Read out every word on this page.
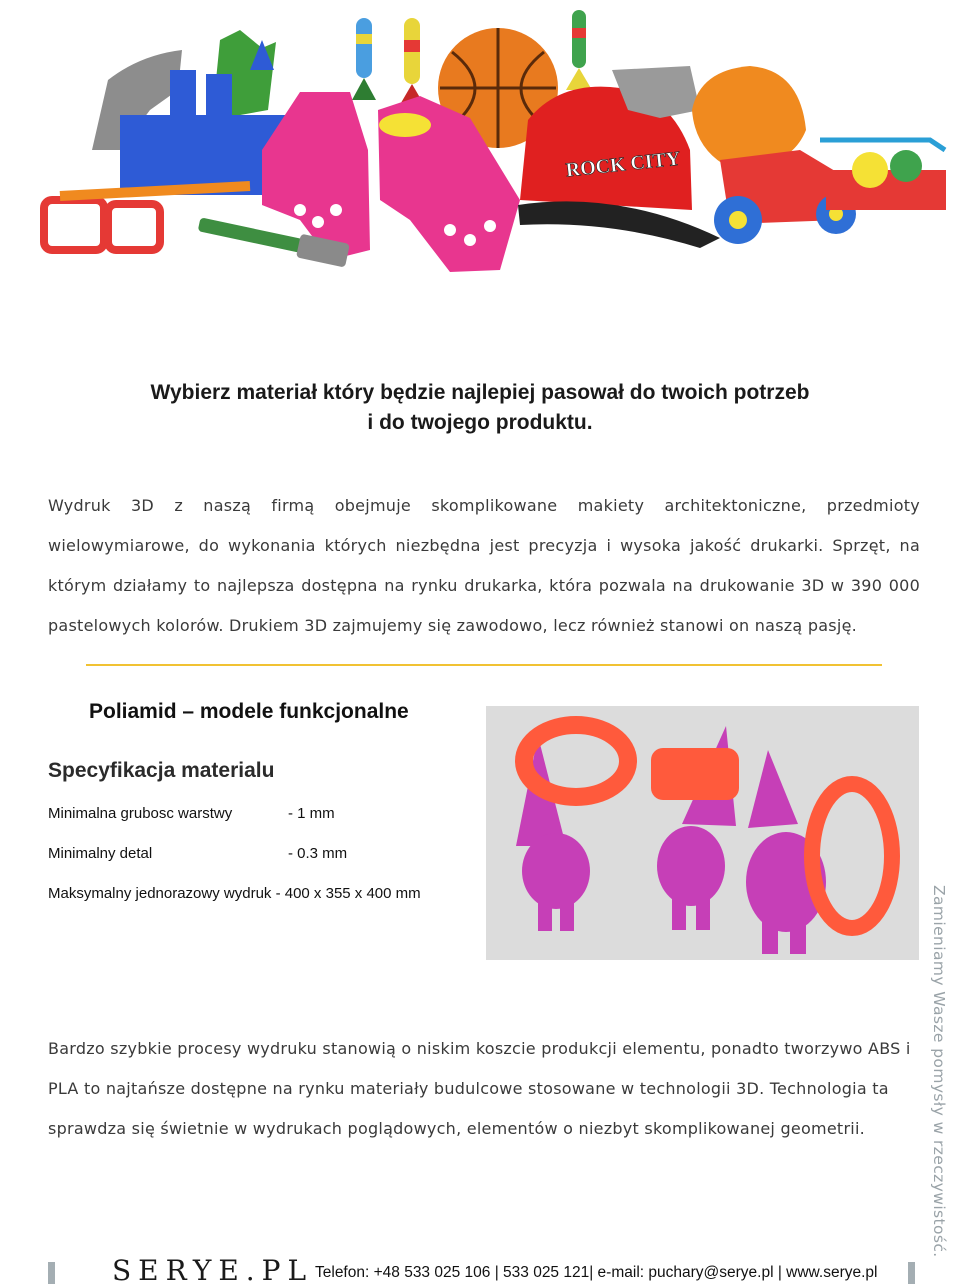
ROCK CITY
Wybierz materiał który będzie najlepiej pasował do twoich potrzeb
i do twojego produktu.

Wydruk 3D z naszą firmą obejmuje skomplikowane makiety architektoniczne, przedmioty wielowymiarowe, do wykonania których niezbędna jest precyzja i wysoka jakość drukarki. Sprzęt, na którym działamy to najlepsza dostępna na rynku drukarka, która pozwala na drukowanie 3D w 390 000 pastelowych kolorów. Drukiem 3D zajmujemy się zawodowo, lecz również stanowi on naszą pasję.

Poliamid – modele funkcjonalne
Specyfikacja materialu
Minimalna grubosc warstwy	- 1 mm
Minimalny detal	- 0.3 mm
Maksymalny jednorazowy wydruk - 400 x 355 x 400 mm

Bardzo szybkie procesy wydruku stanowią o niskim koszcie produkcji elementu, ponadto tworzywo ABS i PLA to najtańsze dostępne na rynku materiały budulcowe stosowane w technologii 3D. Technologia ta sprawdza się świetnie w wydrukach poglądowych, elementów o niezbyt skomplikowanej geometrii.	Zamieniamy Wasze pomysły w rzeczywistość.
SERYE.PL Telefon: +48 533 025 106 | 533 025 121| e-mail: puchary@serye.pl | www.serye.pl
